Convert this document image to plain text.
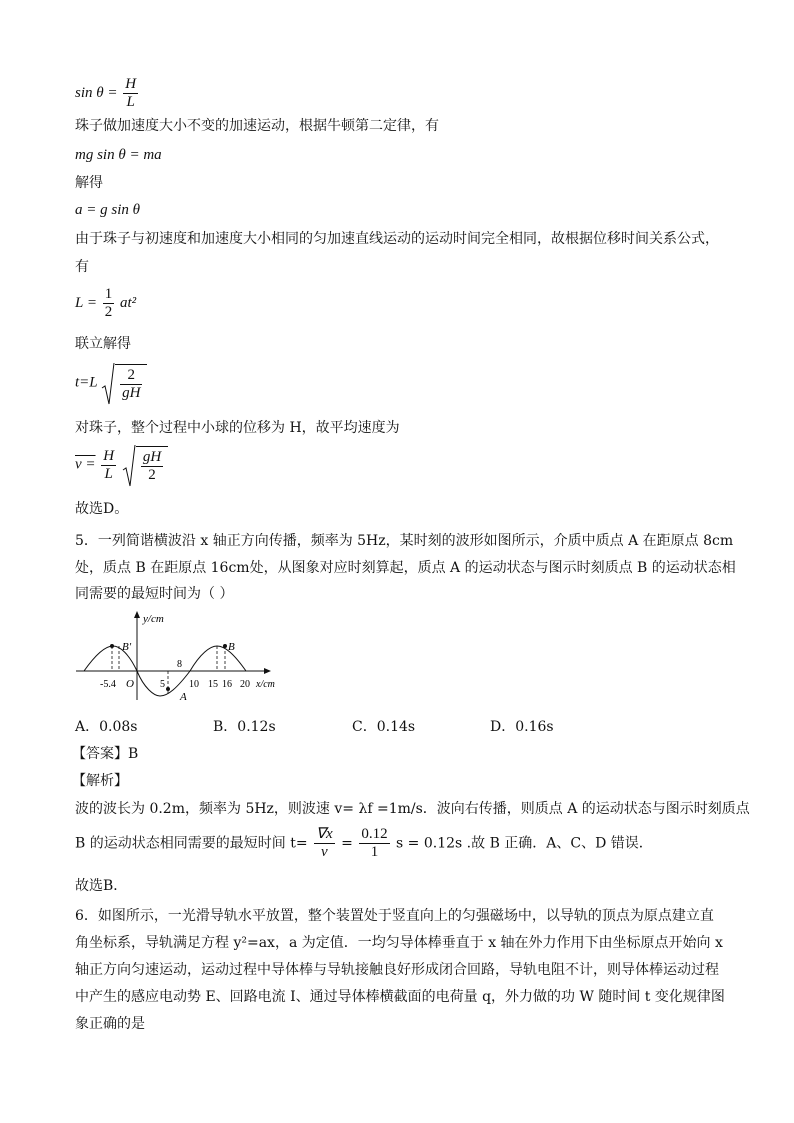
$\sin \theta = \frac{H}{L}$
珠子做加速度大小不变的加速运动，根据牛顿第二定律，有
mg sin θ = ma
解得
a = g sin θ
由于珠子与初速度和加速度大小相同的匀加速直线运动的运动时间完全相同，故根据位移时间关系公式，
有
$L = \frac{1}{2} at^2$
联立解得
$t=L \frac{2}{gH}$
对珠子，整个过程中小球的位移为 H，故平均速度为
$v = \frac{H}{L}$
$\frac{gH}{2}$
故选D。
5．一列简谐横波沿 x 轴正方向传播，频率为 5Hz，某时刻的波形如图所示，介质中质点 A 在距原点 8cm
处，质点 B 在距原点 16cm处，从图象对应时刻算起，质点 A 的运动状态与图示时刻质点 B 的运动状态相
同需要的最短时间为（ ）
y/cm
x/cm
O
B′	B
A
8
-5.4	5 10 15 16 20
A．0.08s	B．0.12s	C．0.14s	D．0.16s
【答案】B
【解析】
波的波长为 0.2m，频率为 5Hz，则波速 v= λf =1m/s．波向右传播，则质点 A 的运动状态与图示时刻质点
B 的运动状态相同需要的最短时间 $t= \frac{\nabla x}{v} = \frac{0.12}{1}$ s = 0.12s .故 B 正确．A、C、D 错误．
故选B．
6．如图所示，一光滑导轨水平放置，整个装置处于竖直向上的匀强磁场中，以导轨的顶点为原点建立直
角坐标系，导轨满足方程 y²=ax，a 为定值．一均匀导体棒垂直于 x 轴在外力作用下由坐标原点开始向 x
轴正方向匀速运动，运动过程中导体棒与导轨接触良好形成闭合回路，导轨电阻不计，则导体棒运动过程
中产生的感应电动势 E、回路电流 I、通过导体棒横截面的电荷量 q，外力做的功 W 随时间 t 变化规律图
象正确的是
